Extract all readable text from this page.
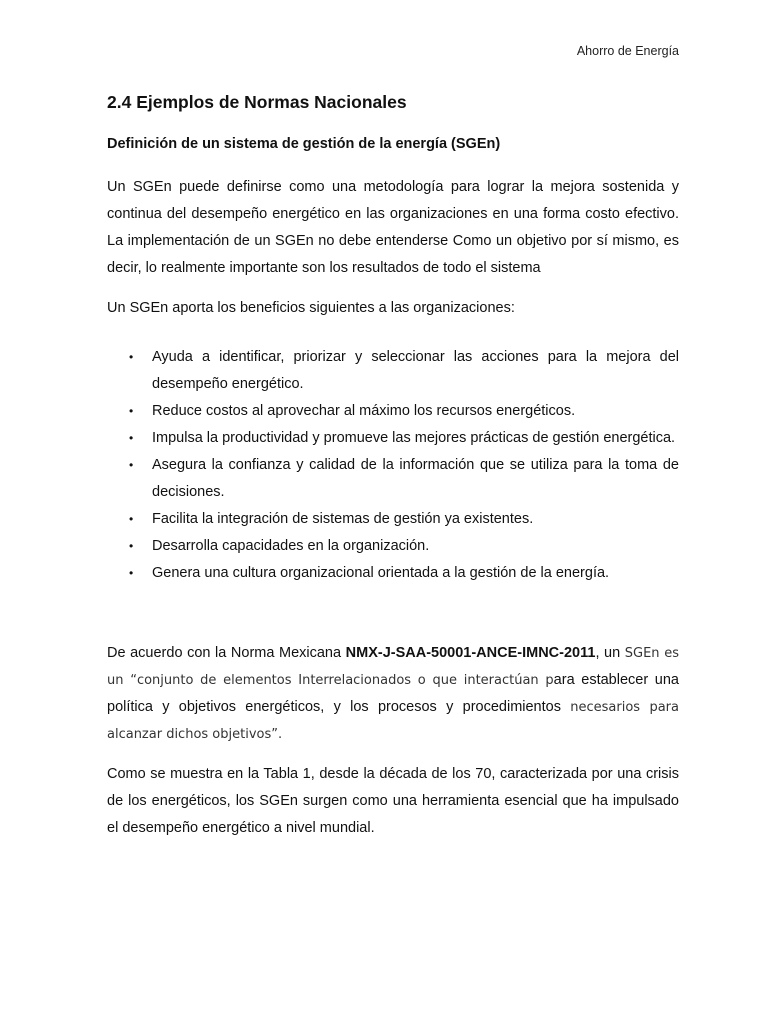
Ahorro de Energía
2.4 Ejemplos de Normas Nacionales
Definición de un sistema de gestión de la energía (SGEn)

Un SGEn puede definirse como una metodología para lograr la mejora sostenida y continua del desempeño energético en las organizaciones en una forma costo efectivo. La implementación de un SGEn no debe entenderse Como un objetivo por sí mismo, es decir, lo realmente importante son los resultados de todo el sistema

Un SGEn aporta los beneficios siguientes a las organizaciones:

• Ayuda a identificar, priorizar y seleccionar las acciones para la mejora del desempeño energético.
• Reduce costos al aprovechar al máximo los recursos energéticos.
• Impulsa la productividad y promueve las mejores prácticas de gestión energética.
• Asegura la confianza y calidad de la información que se utiliza para la toma de decisiones.
• Facilita la integración de sistemas de gestión ya existentes.
• Desarrolla capacidades en la organización.
• Genera una cultura organizacional orientada a la gestión de la energía.

De acuerdo con la Norma Mexicana NMX-J-SAA-50001-ANCE-IMNC-2011, un SGEn es un “conjunto de elementos Interrelacionados o que interactúan para establecer una política y objetivos energéticos, y los procesos y procedimientos necesarios para alcanzar dichos objetivos”.

Como se muestra en la Tabla 1, desde la década de los 70, caracterizada por una crisis de los energéticos, los SGEn surgen como una herramienta esencial que ha impulsado el desempeño energético a nivel mundial.
